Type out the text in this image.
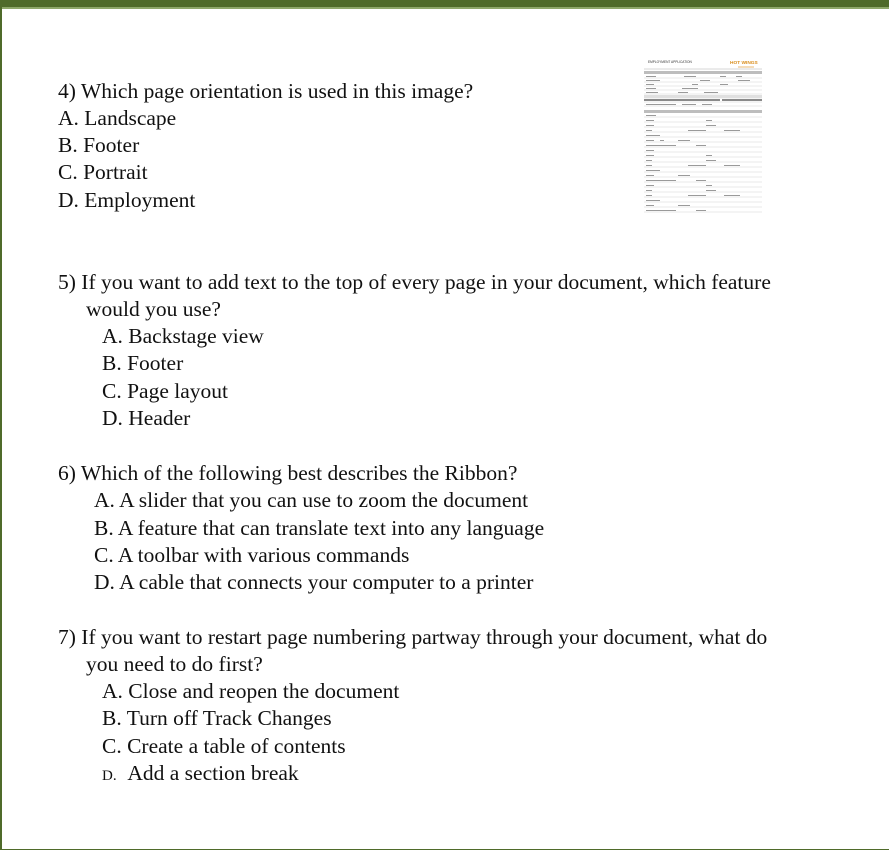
4) Which page orientation is used in this image?
A. Landscape
B. Footer
C. Portrait
D. Employment
EMPLOYMENT APPLICATION	HOT WINGS
5) If you want to add text to the top of every page in your document, which feature
would you use?
A. Backstage view
B. Footer
C. Page layout
D. Header
6) Which of the following best describes the Ribbon?
A. A slider that you can use to zoom the document
B. A feature that can translate text into any language
C. A toolbar with various commands
D. A cable that connects your computer to a printer
7) If you want to restart page numbering partway through your document, what do
you need to do first?
A. Close and reopen the document
B. Turn off Track Changes
C. Create a table of contents
D. Add a section break
